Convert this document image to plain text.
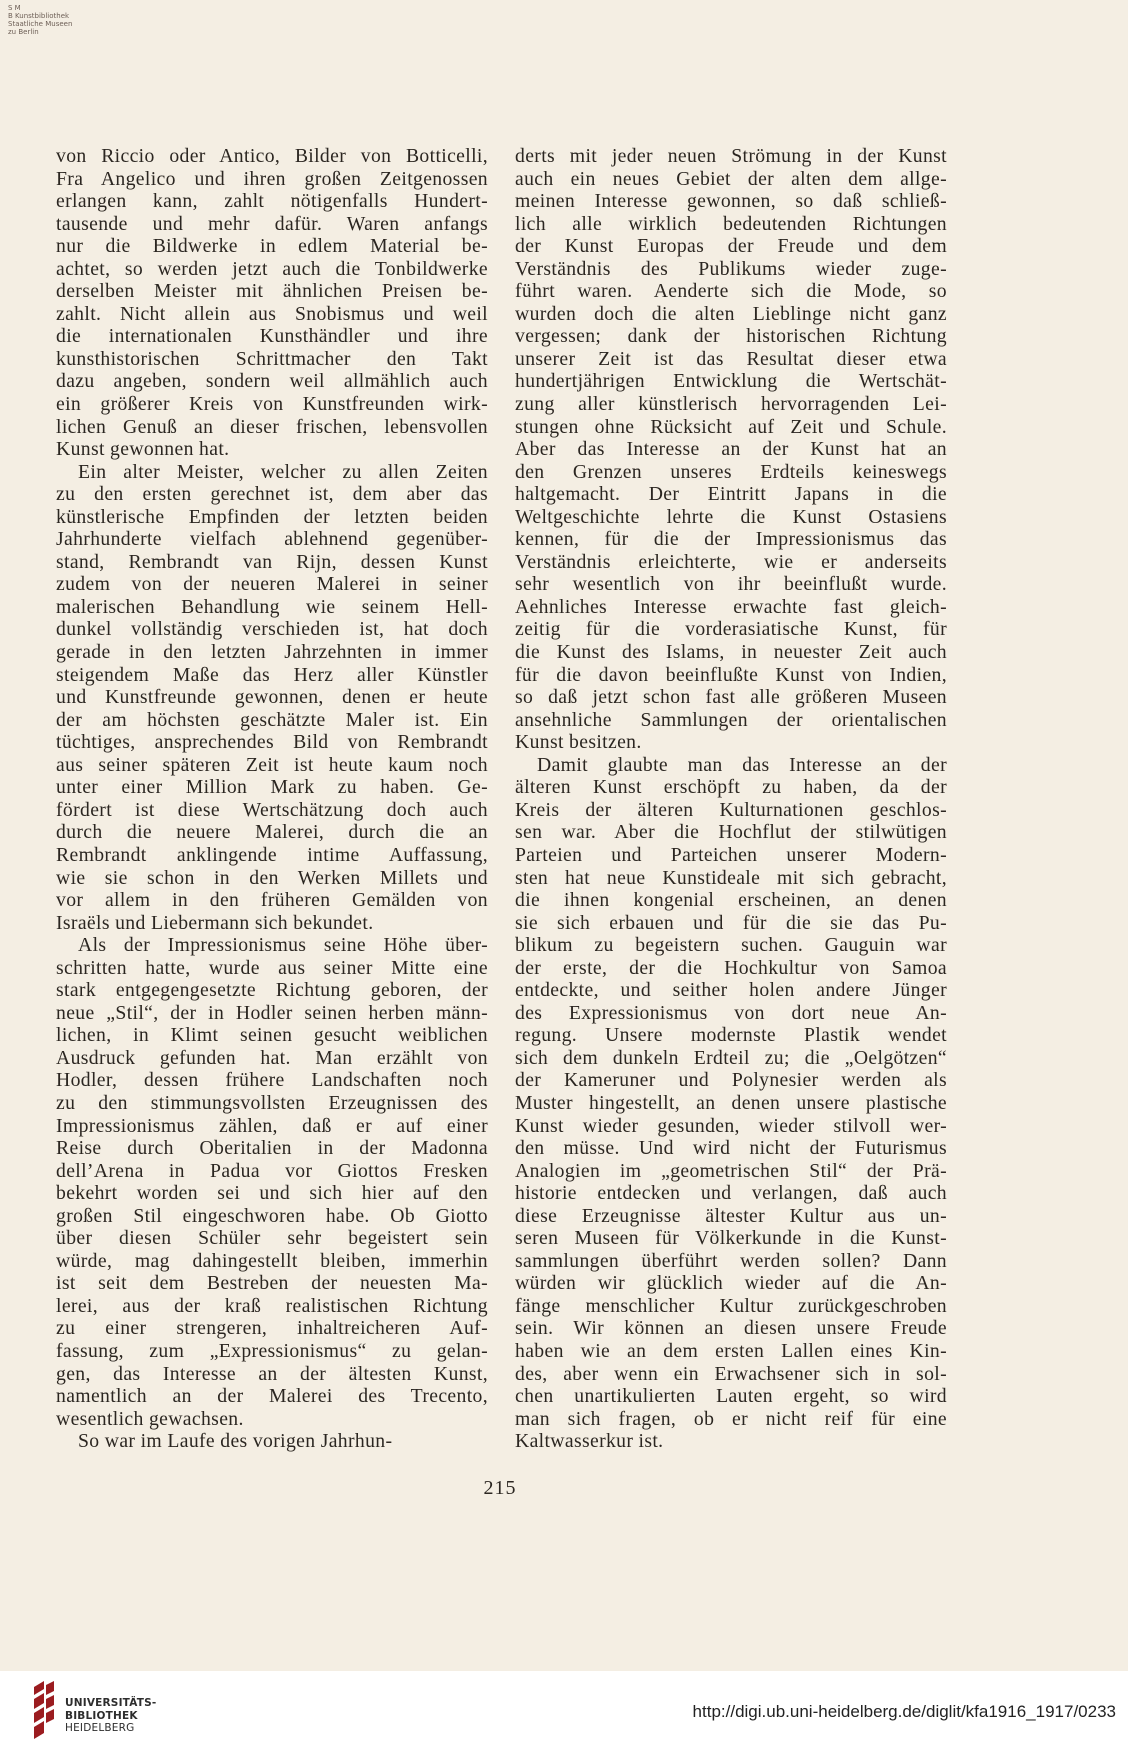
S M
B Kunstbibliothek
Staatliche Museen
zu Berlin
von Riccio oder Antico, Bilder von Botticelli,
Fra Angelico und ihren großen Zeitgenossen
erlangen kann, zahlt nötigenfalls Hundert-
tausende und mehr dafür. Waren anfangs
nur die Bildwerke in edlem Material be-
achtet, so werden jetzt auch die Tonbildwerke
derselben Meister mit ähnlichen Preisen be-
zahlt. Nicht allein aus Snobismus und weil
die internationalen Kunsthändler und ihre
kunsthistorischen Schrittmacher den Takt
dazu angeben, sondern weil allmählich auch
ein größerer Kreis von Kunstfreunden wirk-
lichen Genuß an dieser frischen, lebensvollen
Kunst gewonnen hat.
Ein alter Meister, welcher zu allen Zeiten
zu den ersten gerechnet ist, dem aber das
künstlerische Empfinden der letzten beiden
Jahrhunderte vielfach ablehnend gegenüber-
stand, Rembrandt van Rijn, dessen Kunst
zudem von der neueren Malerei in seiner
malerischen Behandlung wie seinem Hell-
dunkel vollständig verschieden ist, hat doch
gerade in den letzten Jahrzehnten in immer
steigendem Maße das Herz aller Künstler
und Kunstfreunde gewonnen, denen er heute
der am höchsten geschätzte Maler ist. Ein
tüchtiges, ansprechendes Bild von Rembrandt
aus seiner späteren Zeit ist heute kaum noch
unter einer Million Mark zu haben. Ge-
fördert ist diese Wertschätzung doch auch
durch die neuere Malerei, durch die an
Rembrandt anklingende intime Auffassung,
wie sie schon in den Werken Millets und
vor allem in den früheren Gemälden von
Israëls und Liebermann sich bekundet.
Als der Impressionismus seine Höhe über-
schritten hatte, wurde aus seiner Mitte eine
stark entgegengesetzte Richtung geboren, der
neue „Stil“, der in Hodler seinen herben männ-
lichen, in Klimt seinen gesucht weiblichen
Ausdruck gefunden hat. Man erzählt von
Hodler, dessen frühere Landschaften noch
zu den stimmungsvollsten Erzeugnissen des
Impressionismus zählen, daß er auf einer
Reise durch Oberitalien in der Madonna
dell’Arena in Padua vor Giottos Fresken
bekehrt worden sei und sich hier auf den
großen Stil eingeschworen habe. Ob Giotto
über diesen Schüler sehr begeistert sein
würde, mag dahingestellt bleiben, immerhin
ist seit dem Bestreben der neuesten Ma-
lerei, aus der kraß realistischen Richtung
zu einer strengeren, inhaltreicheren Auf-
fassung, zum „Expressionismus“ zu gelan-
gen, das Interesse an der ältesten Kunst,
namentlich an der Malerei des Trecento,
wesentlich gewachsen.
So war im Laufe des vorigen Jahrhun-
derts mit jeder neuen Strömung in der Kunst
auch ein neues Gebiet der alten dem allge-
meinen Interesse gewonnen, so daß schließ-
lich alle wirklich bedeutenden Richtungen
der Kunst Europas der Freude und dem
Verständnis des Publikums wieder zuge-
führt waren. Aenderte sich die Mode, so
wurden doch die alten Lieblinge nicht ganz
vergessen; dank der historischen Richtung
unserer Zeit ist das Resultat dieser etwa
hundertjährigen Entwicklung die Wertschät-
zung aller künstlerisch hervorragenden Lei-
stungen ohne Rücksicht auf Zeit und Schule.
Aber das Interesse an der Kunst hat an
den Grenzen unseres Erdteils keineswegs
haltgemacht. Der Eintritt Japans in die
Weltgeschichte lehrte die Kunst Ostasiens
kennen, für die der Impressionismus das
Verständnis erleichterte, wie er anderseits
sehr wesentlich von ihr beeinflußt wurde.
Aehnliches Interesse erwachte fast gleich-
zeitig für die vorderasiatische Kunst, für
die Kunst des Islams, in neuester Zeit auch
für die davon beeinflußte Kunst von Indien,
so daß jetzt schon fast alle größeren Museen
ansehnliche Sammlungen der orientalischen
Kunst besitzen.
Damit glaubte man das Interesse an der
älteren Kunst erschöpft zu haben, da der
Kreis der älteren Kulturnationen geschlos-
sen war. Aber die Hochflut der stilwütigen
Parteien und Parteichen unserer Modern-
sten hat neue Kunstideale mit sich gebracht,
die ihnen kongenial erscheinen, an denen
sie sich erbauen und für die sie das Pu-
blikum zu begeistern suchen. Gauguin war
der erste, der die Hochkultur von Samoa
entdeckte, und seither holen andere Jünger
des Expressionismus von dort neue An-
regung. Unsere modernste Plastik wendet
sich dem dunkeln Erdteil zu; die „Oelgötzen“
der Kameruner und Polynesier werden als
Muster hingestellt, an denen unsere plastische
Kunst wieder gesunden, wieder stilvoll wer-
den müsse. Und wird nicht der Futurismus
Analogien im „geometrischen Stil“ der Prä-
historie entdecken und verlangen, daß auch
diese Erzeugnisse ältester Kultur aus un-
seren Museen für Völkerkunde in die Kunst-
sammlungen überführt werden sollen? Dann
würden wir glücklich wieder auf die An-
fänge menschlicher Kultur zurückgeschroben
sein. Wir können an diesen unsere Freude
haben wie an dem ersten Lallen eines Kin-
des, aber wenn ein Erwachsener sich in sol-
chen unartikulierten Lauten ergeht, so wird
man sich fragen, ob er nicht reif für eine
Kaltwasserkur ist.
215
UNIVERSITÄTS-
BIBLIOTHEK
HEIDELBERG
http://digi.ub.uni-heidelberg.de/diglit/kfa1916_1917/0233
